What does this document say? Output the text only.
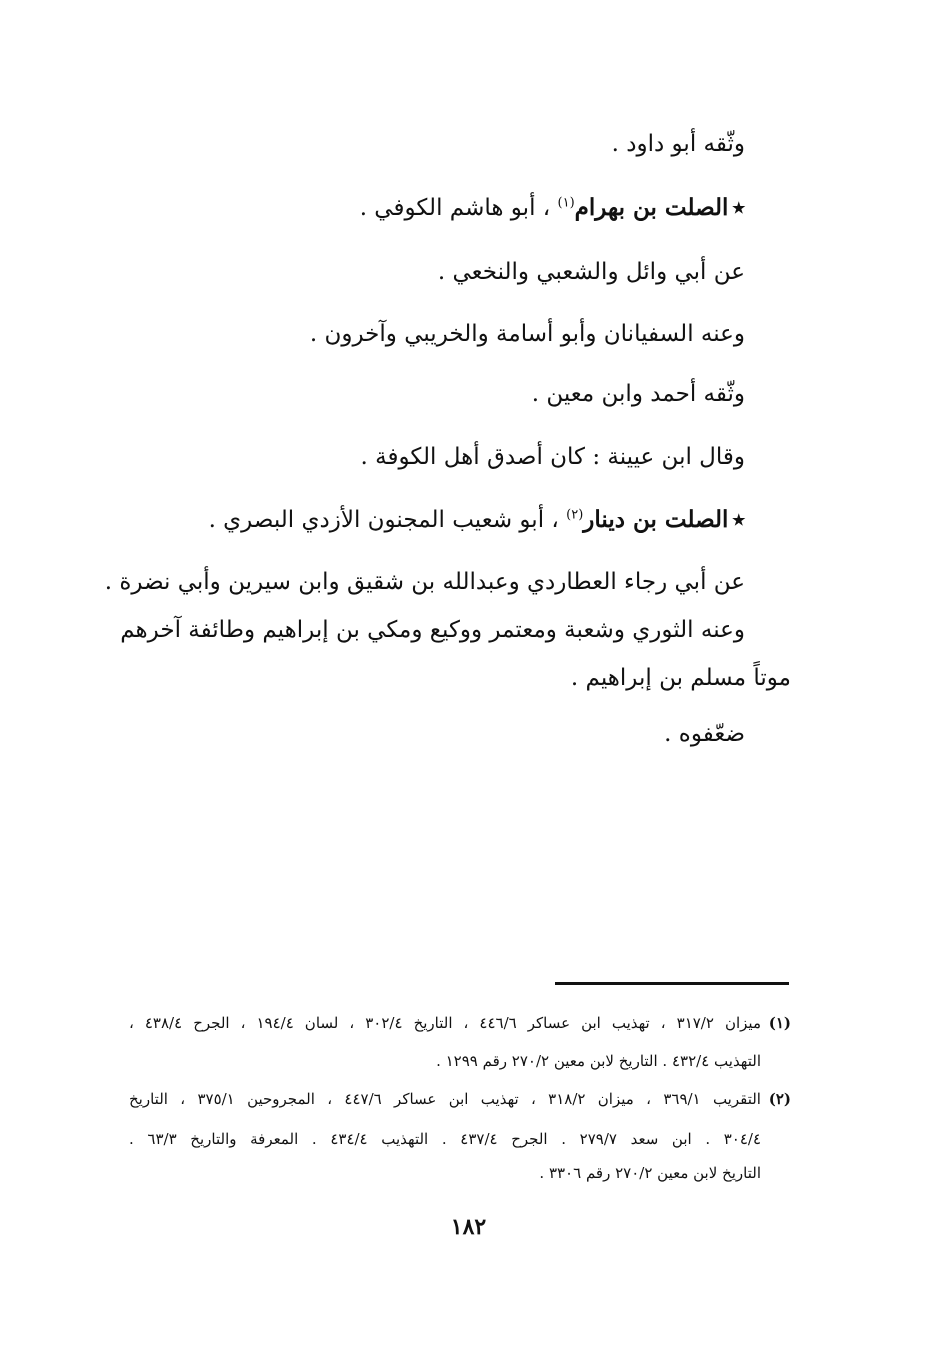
وثّقه أبو داود .
٭الصلت بن بهرام$^{(١)}$ ، أبو هاشم الكوفي .
عن أبي وائل والشعبي والنخعي .
وعنه السفيانان وأبو أسامة والخريبي وآخرون .
وثّقه أحمد وابن معين .
وقال ابن عيينة : كان أصدق أهل الكوفة .
٭الصلت بن دينار$^{(٢)}$ ، أبو شعيب المجنون الأزدي البصري .
عن أبي رجاء العطاردي وعبدالله بن شقيق وابن سيرين وأبي نضرة .
وعنه الثوري وشعبة ومعتمر ووكيع ومكي بن إبراهيم وطائفة آخرهم
موتاً مسلم بن إبراهيم .
ضعّفوه .
(١)
ميزان ٣١٧/٢ ، تهذيب ابن عساكر ٤٤٦/٦ ، التاريخ ٣٠٢/٤ ، لسان ١٩٤/٤ ، الجرح ٤٣٨/٤ ،
التهذيب ٤٣٢/٤ . التاريخ لابن معين ٢٧٠/٢ رقم ١٢٩٩ .
(٢)
التقريب ٣٦٩/١ ، ميزان ٣١٨/٢ ، تهذيب ابن عساكر ٤٤٧/٦ ، المجروحين ٣٧٥/١ ، التاريخ
٣٠٤/٤ . ابن سعد ٢٧٩/٧ . الجرح ٤٣٧/٤ . التهذيب ٤٣٤/٤ . المعرفة والتاريخ ٦٣/٣ .
التاريخ لابن معين ٢٧٠/٢ رقم ٣٣٠٦ .
١٨٢
